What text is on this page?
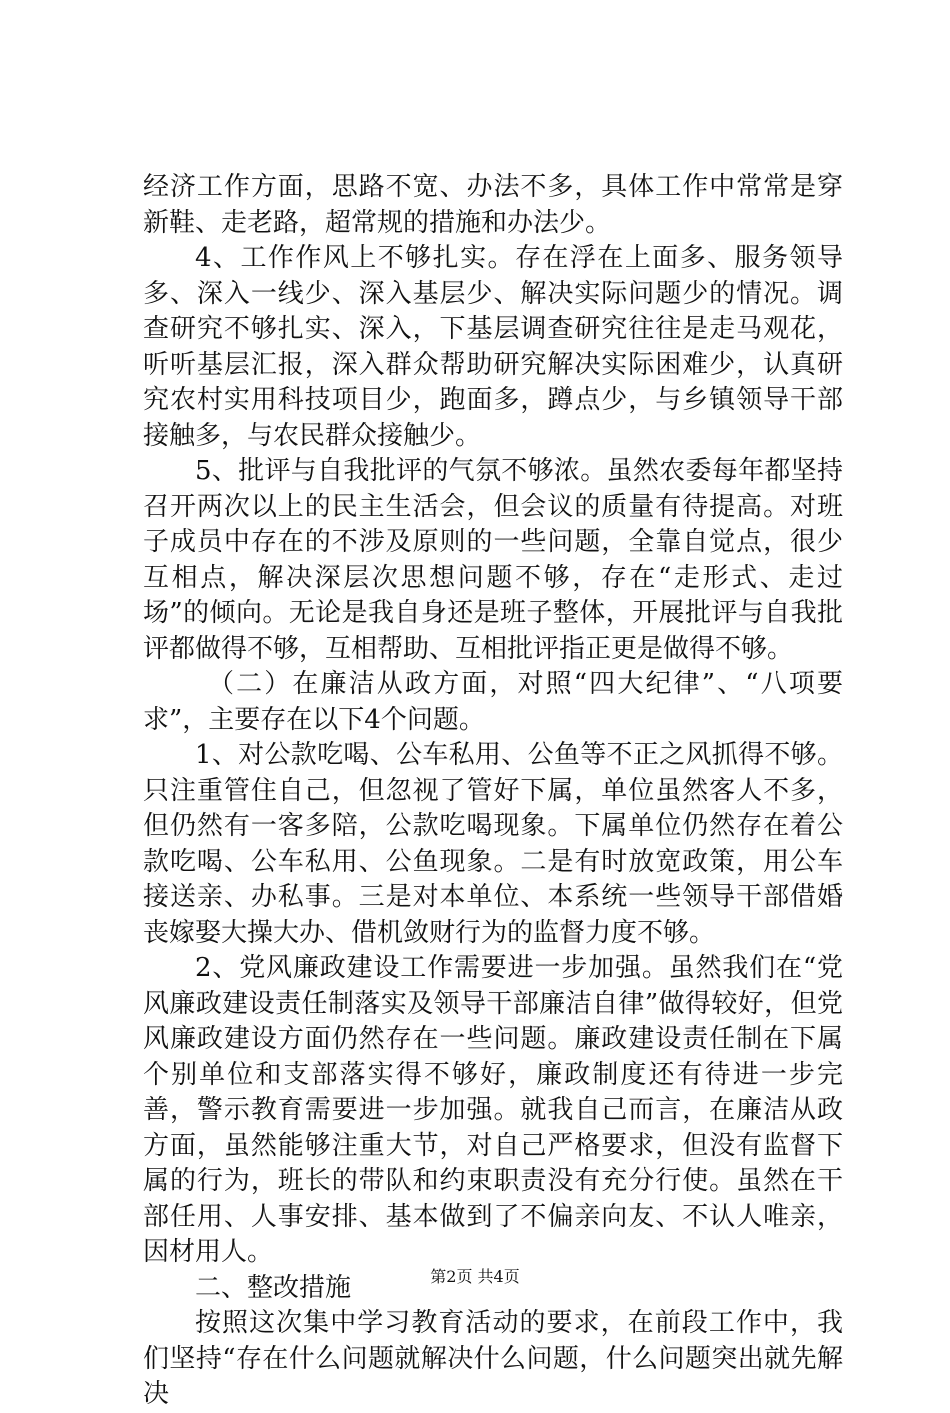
经济工作方面，思路不宽、办法不多，具体工作中常常是穿新鞋、走老路，超常规的措施和办法少。

4、工作作风上不够扎实。存在浮在上面多、服务领导多、深入一线少、深入基层少、解决实际问题少的情况。调查研究不够扎实、深入，下基层调查研究往往是走马观花，听听基层汇报，深入群众帮助研究解决实际困难少，认真研究农村实用科技项目少，跑面多，蹲点少，与乡镇领导干部接触多，与农民群众接触少。

5、批评与自我批评的气氛不够浓。虽然农委每年都坚持召开两次以上的民主生活会，但会议的质量有待提高。对班子成员中存在的不涉及原则的一些问题，全靠自觉点，很少互相点，解决深层次思想问题不够，存在“走形式、走过场”的倾向。无论是我自身还是班子整体，开展批评与自我批评都做得不够，互相帮助、互相批评指正更是做得不够。

（二）在廉洁从政方面，对照“四大纪律”、“八项要求”，主要存在以下4个问题。

1、对公款吃喝、公车私用、公鱼等不正之风抓得不够。只注重管住自己，但忽视了管好下属，单位虽然客人不多，但仍然有一客多陪，公款吃喝现象。下属单位仍然存在着公款吃喝、公车私用、公鱼现象。二是有时放宽政策，用公车接送亲、办私事。三是对本单位、本系统一些领导干部借婚丧嫁娶大操大办、借机敛财行为的监督力度不够。

2、党风廉政建设工作需要进一步加强。虽然我们在“党风廉政建设责任制落实及领导干部廉洁自律”做得较好，但党风廉政建设方面仍然存在一些问题。廉政建设责任制在下属个别单位和支部落实得不够好，廉政制度还有待进一步完善，警示教育需要进一步加强。就我自己而言，在廉洁从政方面，虽然能够注重大节，对自己严格要求，但没有监督下属的行为，班长的带队和约束职责没有充分行使。虽然在干部任用、人事安排、基本做到了不偏亲向友、不认人唯亲，因材用人。

二、整改措施

按照这次集中学习教育活动的要求，在前段工作中，我们坚持“存在什么问题就解决什么问题，什么问题突出就先解决

第2页 共4页
